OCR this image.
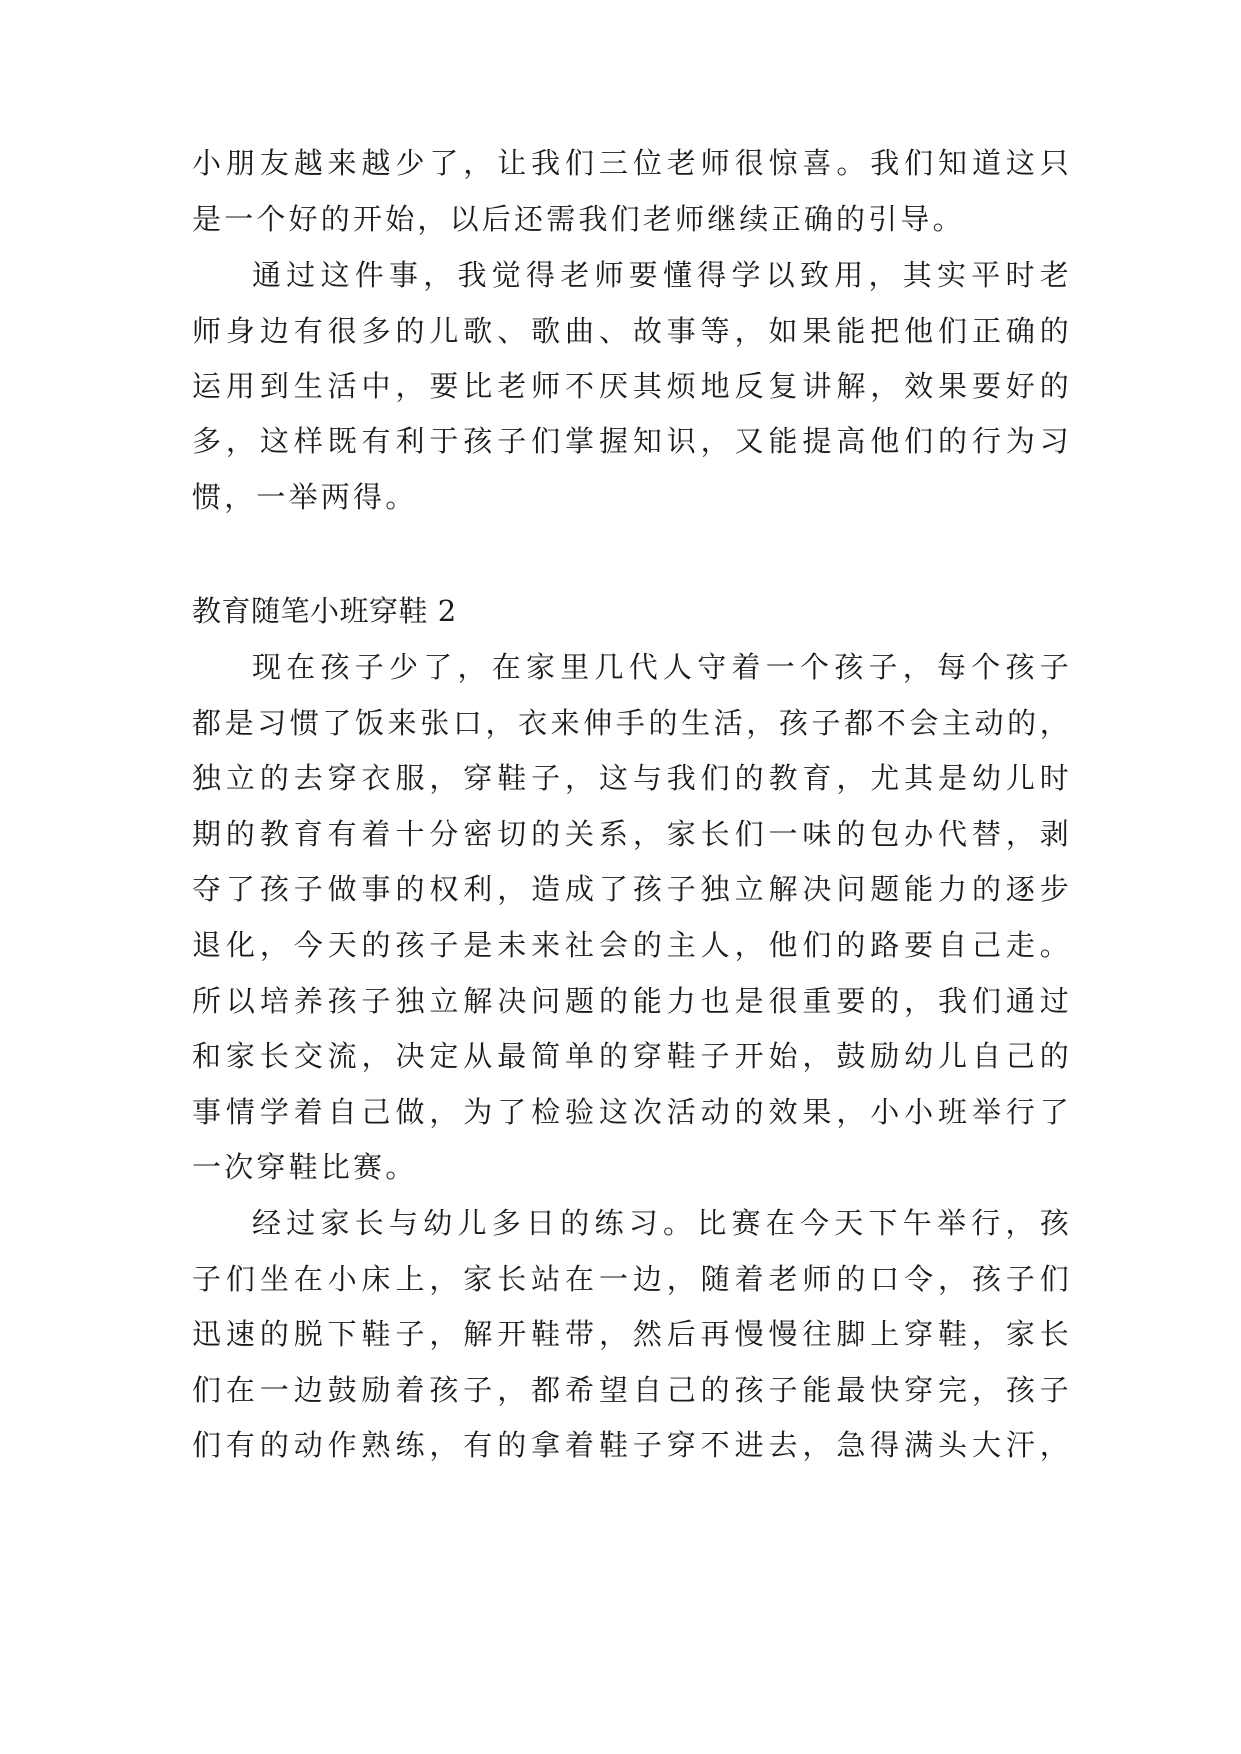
小朋友越来越少了，让我们三位老师很惊喜。我们知道这只
是一个好的开始，以后还需我们老师继续正确的引导。
通过这件事，我觉得老师要懂得学以致用，其实平时老
师身边有很多的儿歌、歌曲、故事等，如果能把他们正确的
运用到生活中，要比老师不厌其烦地反复讲解，效果要好的
多，这样既有利于孩子们掌握知识，又能提高他们的行为习
惯，一举两得。
教育随笔小班穿鞋 2
现在孩子少了，在家里几代人守着一个孩子，每个孩子
都是习惯了饭来张口，衣来伸手的生活，孩子都不会主动的，
独立的去穿衣服，穿鞋子，这与我们的教育，尤其是幼儿时
期的教育有着十分密切的关系，家长们一味的包办代替，剥
夺了孩子做事的权利，造成了孩子独立解决问题能力的逐步
退化，今天的孩子是未来社会的主人，他们的路要自己走。
所以培养孩子独立解决问题的能力也是很重要的，我们通过
和家长交流，决定从最简单的穿鞋子开始，鼓励幼儿自己的
事情学着自己做，为了检验这次活动的效果，小小班举行了
一次穿鞋比赛。
经过家长与幼儿多日的练习。比赛在今天下午举行，孩
子们坐在小床上，家长站在一边，随着老师的口令，孩子们
迅速的脱下鞋子，解开鞋带，然后再慢慢往脚上穿鞋，家长
们在一边鼓励着孩子，都希望自己的孩子能最快穿完，孩子
们有的动作熟练，有的拿着鞋子穿不进去，急得满头大汗，
